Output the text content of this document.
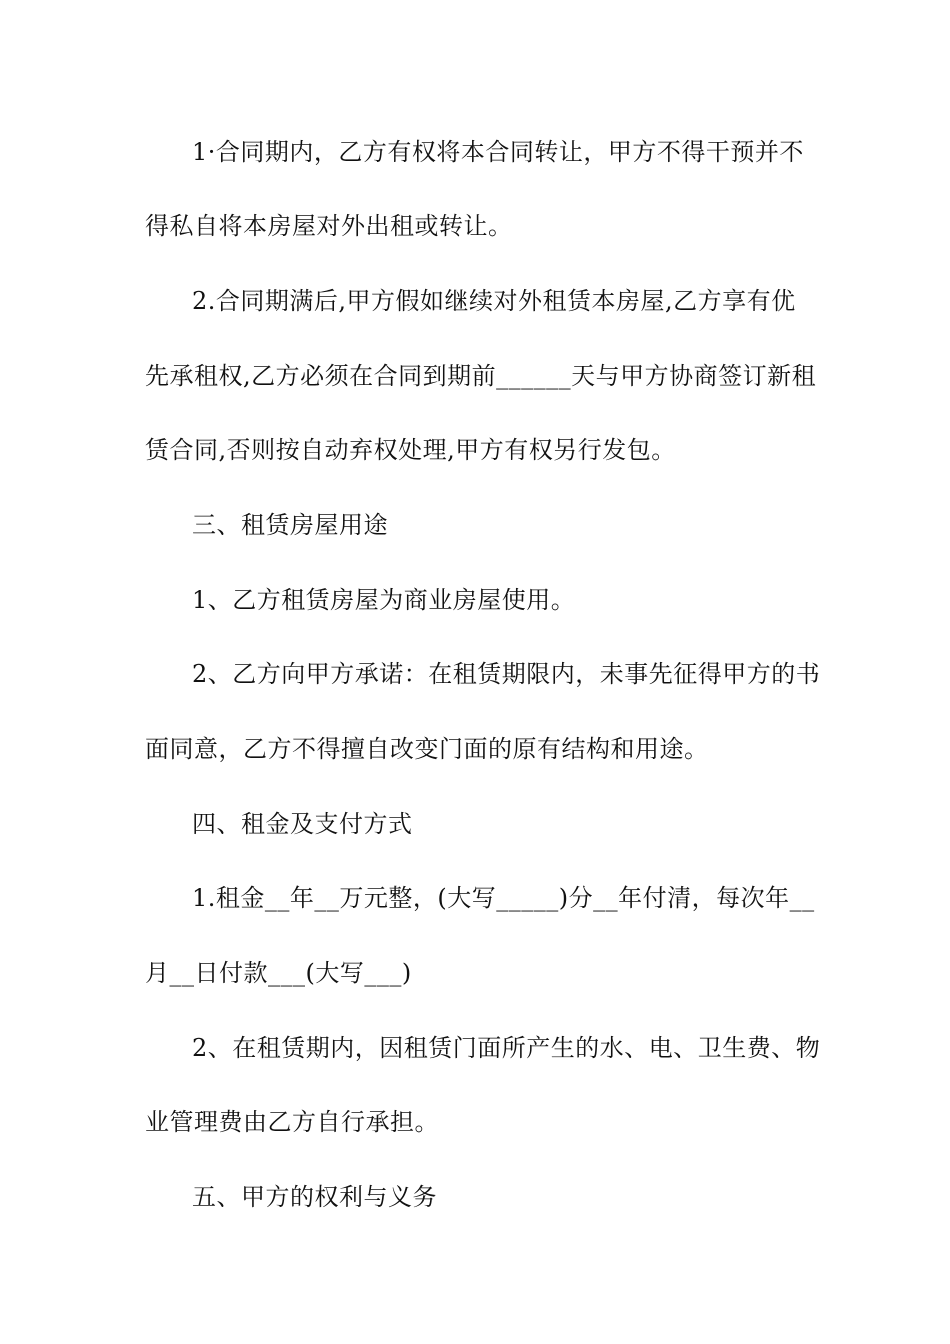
1·合同期内，乙方有权将本合同转让，甲方不得干预并不
得私自将本房屋对外出租或转让。
2.合同期满后,甲方假如继续对外租赁本房屋,乙方享有优
先承租权,乙方必须在合同到期前______天与甲方协商签订新租
赁合同,否则按自动弃权处理,甲方有权另行发包。
三、租赁房屋用途
1、乙方租赁房屋为商业房屋使用。
2、乙方向甲方承诺：在租赁期限内，未事先征得甲方的书
面同意，乙方不得擅自改变门面的原有结构和用途。
四、租金及支付方式
1.租金__年__万元整，(大写_____)分__年付清，每次年__
月__日付款___(大写___)
2、在租赁期内，因租赁门面所产生的水、电、卫生费、物
业管理费由乙方自行承担。
五、甲方的权利与义务
